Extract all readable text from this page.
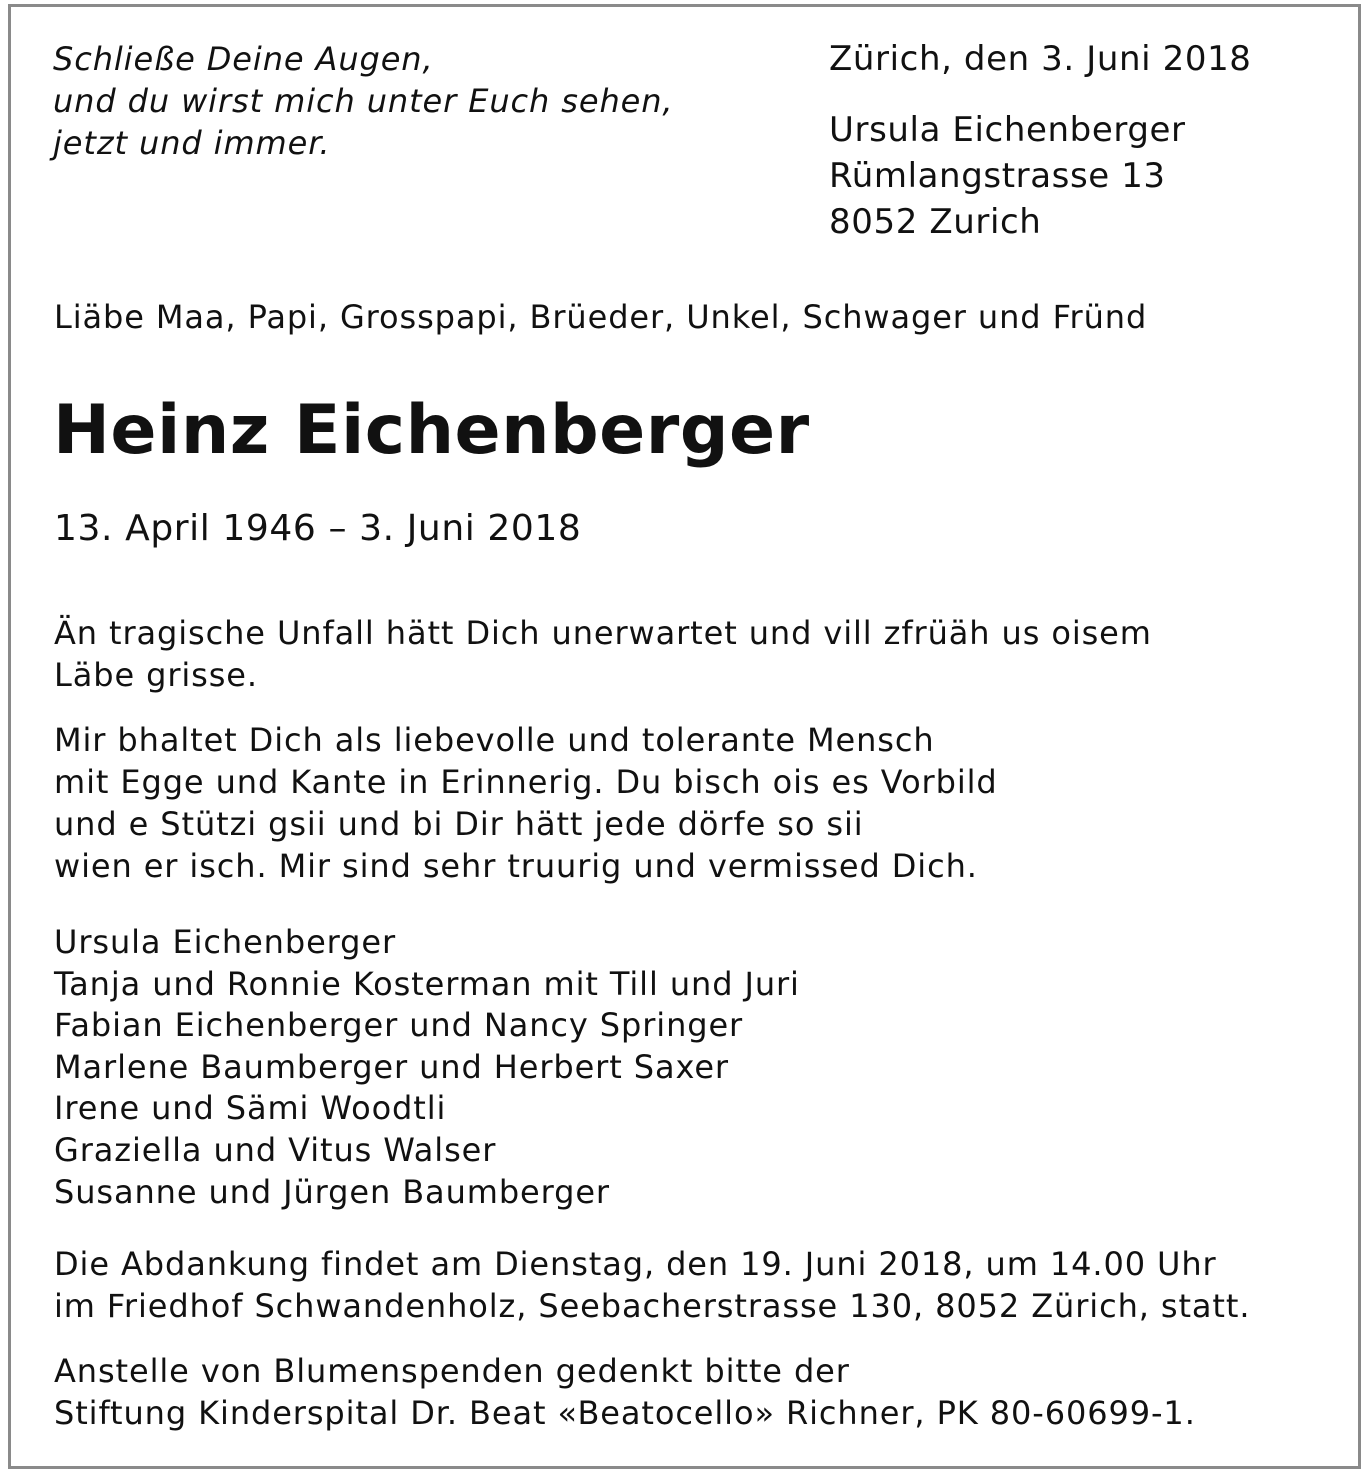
Schließe Deine Augen,
und du wirst mich unter Euch sehen,
jetzt und immer.
Zürich, den 3. Juni 2018
Ursula Eichenberger
Rümlangstrasse 13
8052 Zurich
Liäbe Maa, Papi, Grosspapi, Brüeder, Unkel, Schwager und Fründ
Heinz Eichenberger
13. April 1946 – 3. Juni 2018
Än tragische Unfall hätt Dich unerwartet und vill zfrüäh us oisem
Läbe grisse.
Mir bhaltet Dich als liebevolle und tolerante Mensch
mit Egge und Kante in Erinnerig. Du bisch ois es Vorbild
und e Stützi gsii und bi Dir hätt jede dörfe so sii
wien er isch. Mir sind sehr truurig und vermissed Dich.
Ursula Eichenberger
Tanja und Ronnie Kosterman mit Till und Juri
Fabian Eichenberger und Nancy Springer
Marlene Baumberger und Herbert Saxer
Irene und Sämi Woodtli
Graziella und Vitus Walser
Susanne und Jürgen Baumberger
Die Abdankung findet am Dienstag, den 19. Juni 2018, um 14.00 Uhr
im Friedhof Schwandenholz, Seebacherstrasse 130, 8052 Zürich, statt.
Anstelle von Blumenspenden gedenkt bitte der
Stiftung Kinderspital Dr. Beat «Beatocello» Richner, PK 80-60699-1.
